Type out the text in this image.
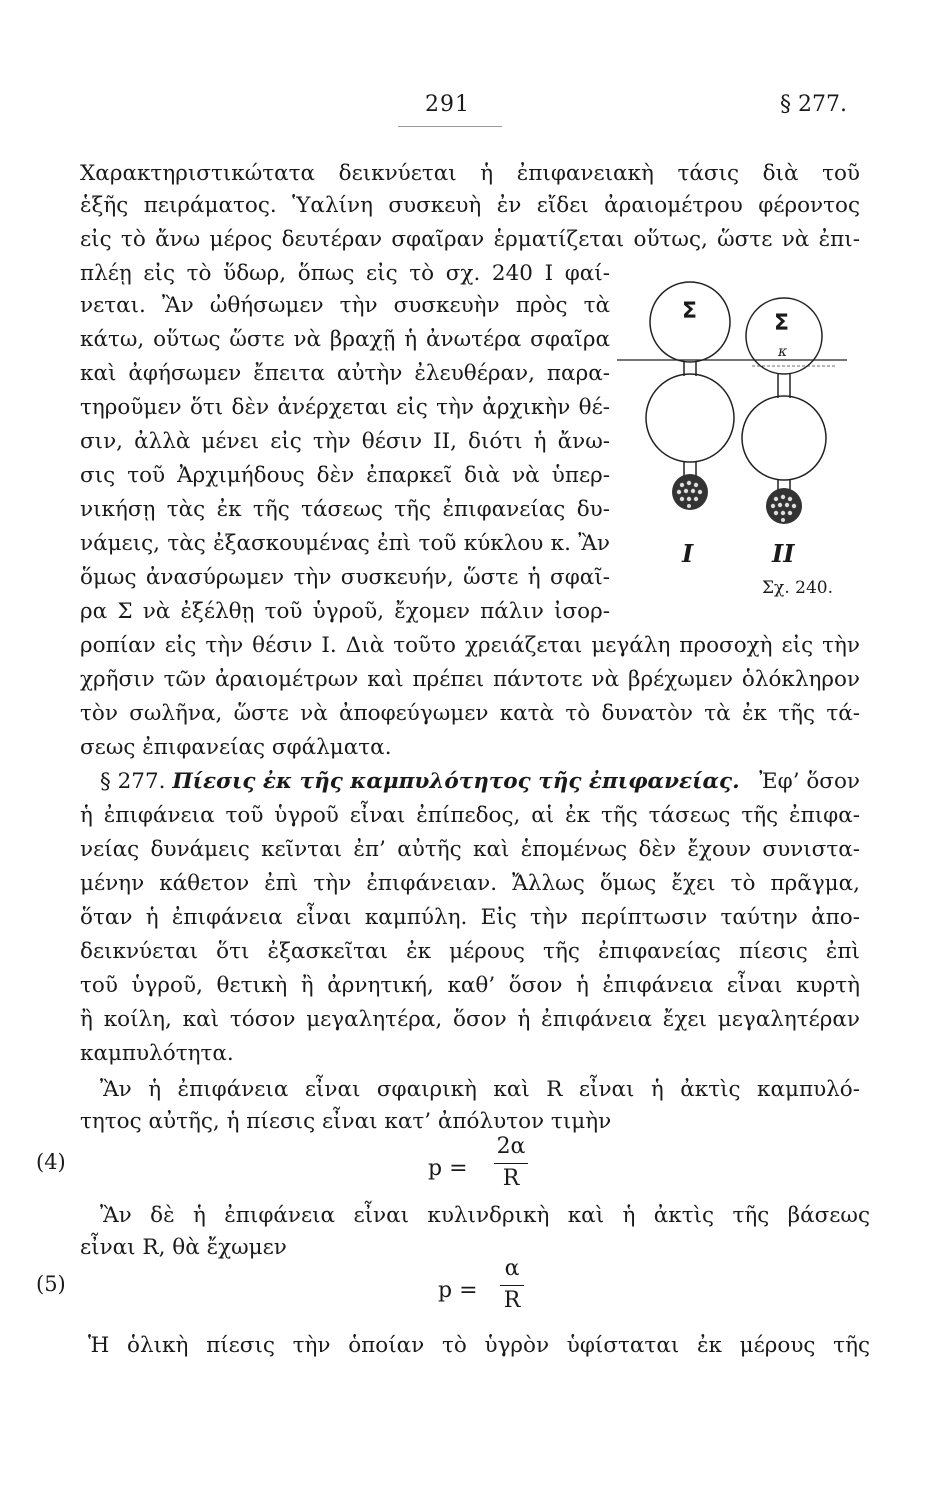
291	§ 277.
Χαρακτηριστικώτατα δεικνύεται ἡ ἐπιφανειακὴ τάσις διὰ τοῦ
ἑξῆς πειράματος. Ὑαλίνη συσκευὴ ἐν εἴδει ἀραιομέτρου φέροντος
εἰς τὸ ἄνω μέρος δευτέραν σφαῖραν ἑρματίζεται οὕτως, ὥστε νὰ ἐπι-
πλέῃ εἰς τὸ ὕδωρ, ὅπως εἰς τὸ σχ. 240 I φαί-
νεται. Ἂν ὠθήσωμεν τὴν συσκευὴν πρὸς τὰ
κάτω, οὕτως ὥστε νὰ βραχῇ ἡ ἀνωτέρα σφαῖρα
καὶ ἀφήσωμεν ἔπειτα αὐτὴν ἐλευθέραν, παρα-
τηροῦμεν ὅτι δὲν ἀνέρχεται εἰς τὴν ἀρχικὴν θέ-
σιν, ἀλλὰ μένει εἰς τὴν θέσιν II, διότι ἡ ἄνω-
σις τοῦ Ἀρχιμήδους δὲν ἐπαρκεῖ διὰ νὰ ὑπερ-
νικήσῃ τὰς ἐκ τῆς τάσεως τῆς ἐπιφανείας δυ-
νάμεις, τὰς ἐξασκουμένας ἐπὶ τοῦ κύκλου κ. Ἂν
ὅμως ἀνασύρωμεν τὴν συσκευήν, ὥστε ἡ σφαῖ-
ρα Σ νὰ ἐξέλθῃ τοῦ ὑγροῦ, ἔχομεν πάλιν ἰσορ-
ροπίαν εἰς τὴν θέσιν I. Διὰ τοῦτο χρειάζεται μεγάλη προσοχὴ εἰς τὴν
χρῆσιν τῶν ἀραιομέτρων καὶ πρέπει πάντοτε νὰ βρέχωμεν ὁλόκληρον
τὸν σωλῆνα, ὥστε νὰ ἀποφεύγωμεν κατὰ τὸ δυνατὸν τὰ ἐκ τῆς τά-
σεως ἐπιφανείας σφάλματα.
Σ	Σ
κ
I	II
Σχ. 240.
§ 277. Πίεσις ἐκ τῆς καμπυλότητος τῆς ἐπιφανείας. Ἐφ’ ὅσον
ἡ ἐπιφάνεια τοῦ ὑγροῦ εἶναι ἐπίπεδος, αἱ ἐκ τῆς τάσεως τῆς ἐπιφα-
νείας δυνάμεις κεῖνται ἐπ’ αὐτῆς καὶ ἑπομένως δὲν ἔχουν συνιστα-
μένην κάθετον ἐπὶ τὴν ἐπιφάνειαν. Ἄλλως ὅμως ἔχει τὸ πρᾶγμα,
ὅταν ἡ ἐπιφάνεια εἶναι καμπύλη. Εἰς τὴν περίπτωσιν ταύτην ἀπο-
δεικνύεται ὅτι ἐξασκεῖται ἐκ μέρους τῆς ἐπιφανείας πίεσις ἐπὶ
τοῦ ὑγροῦ, θετικὴ ἢ ἀρνητική, καθ’ ὅσον ἡ ἐπιφάνεια εἶναι κυρτὴ
ἢ κοίλη, καὶ τόσον μεγαλητέρα, ὅσον ἡ ἐπιφάνεια ἔχει μεγαλητέραν
καμπυλότητα.
Ἂν ἡ ἐπιφάνεια εἶναι σφαιρικὴ καὶ R εἶναι ἡ ἀκτὶς καμπυλό-
τητος αὐτῆς, ἡ πίεσις εἶναι κατ’ ἀπόλυτον τιμὴν
(4)	p =
2α
R
Ἂν δὲ ἡ ἐπιφάνεια εἶναι κυλινδρικὴ καὶ ἡ ἀκτὶς τῆς βάσεως
εἶναι R, θὰ ἔχωμεν
(5)	p =
α
R
Ἡ ὁλικὴ πίεσις τὴν ὁποίαν τὸ ὑγρὸν ὑφίσταται ἐκ μέρους τῆς
